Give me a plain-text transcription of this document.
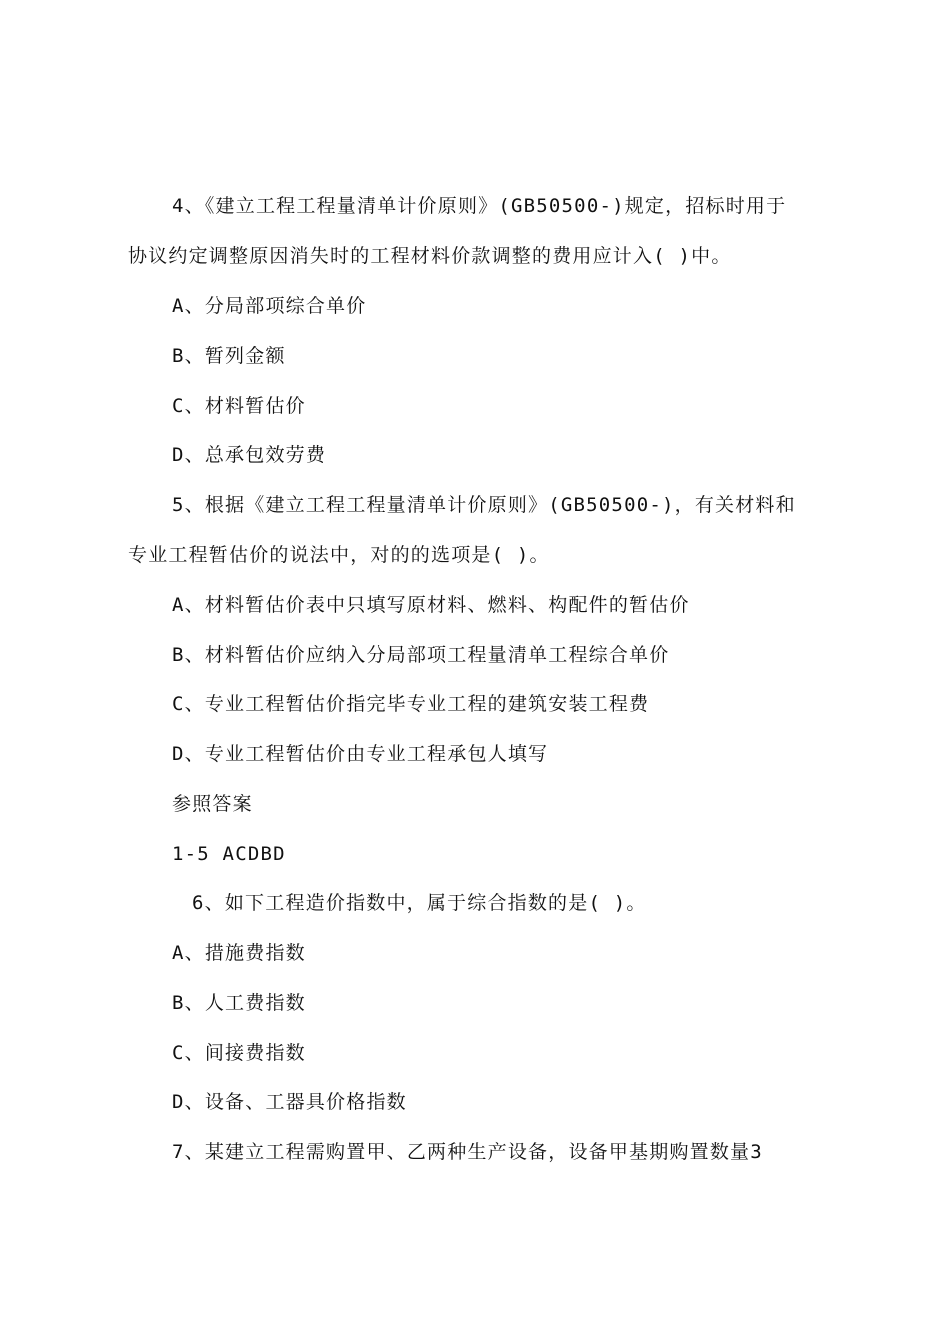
4、《建立工程工程量清单计价原则》(GB50500-)规定，招标时用于
协议约定调整原因消失时的工程材料价款调整的费用应计入( )中。
A、分局部项综合单价
B、暂列金额
C、材料暂估价
D、总承包效劳费
5、根据《建立工程工程量清单计价原则》(GB50500-)，有关材料和
专业工程暂估价的说法中，对的的选项是( )。
A、材料暂估价表中只填写原材料、燃料、构配件的暂估价
B、材料暂估价应纳入分局部项工程量清单工程综合单价
C、专业工程暂估价指完毕专业工程的建筑安装工程费
D、专业工程暂估价由专业工程承包人填写
参照答案
1-5 ACDBD
6、如下工程造价指数中，属于综合指数的是( )。
A、措施费指数
B、人工费指数
C、间接费指数
D、设备、工器具价格指数
7、某建立工程需购置甲、乙两种生产设备，设备甲基期购置数量3
